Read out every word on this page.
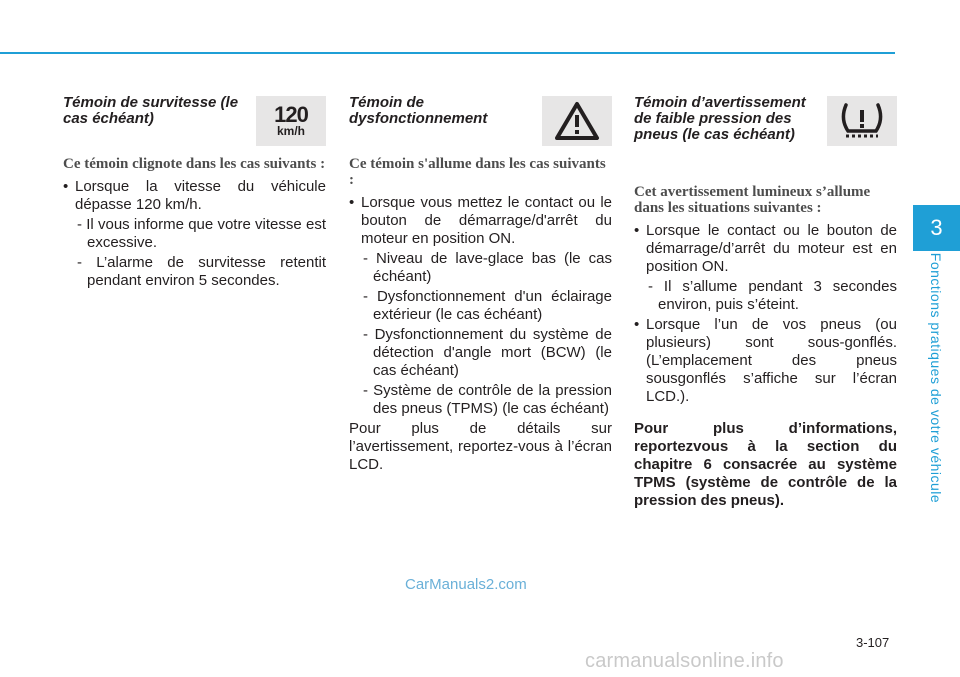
Témoin de survitesse (le cas échéant)	120
km/h

Ce témoin clignote dans les cas suivants :

• Lorsque la vitesse du véhicule dépasse 120 km/h.

- Il vous informe que votre vitesse est excessive.

- L’alarme de survitesse retentit pendant environ 5 secondes.

Témoin de dysfonctionnement

Ce témoin s'allume dans les cas suivants :

• Lorsque vous mettez le contact ou le bouton de démarrage/d'arrêt du moteur en position ON.

- Niveau de lave-glace bas (le cas échéant)

- Dysfonctionnement d'un éclairage extérieur (le cas échéant)

- Dysfonctionnement du système de détection d'angle mort (BCW) (le cas échéant)

- Système de contrôle de la pression des pneus (TPMS) (le cas échéant)

Pour plus de détails sur l’avertissement, reportez-vous à l’écran LCD.

Témoin d’avertissement de faible pression des pneus (le cas échéant)

Cet avertissement lumineux s’allume dans les situations suivantes :

• Lorsque le contact ou le bouton de démarrage/d’arrêt du moteur est en position ON.

- Il s’allume pendant 3 secondes environ, puis s’éteint.

• Lorsque l’un de vos pneus (ou plusieurs) sont sous-gonflés. (L’emplacement des pneus sousgonflés s’affiche sur l’écran LCD.).

Pour plus d’informations, reportezvous à la section du chapitre 6 consacrée au système TPMS (système de contrôle de la pression des pneus).

3
Fonctions pratiques de votre véhicule
3-107
CarManuals2.com
carmanualsonline.info
